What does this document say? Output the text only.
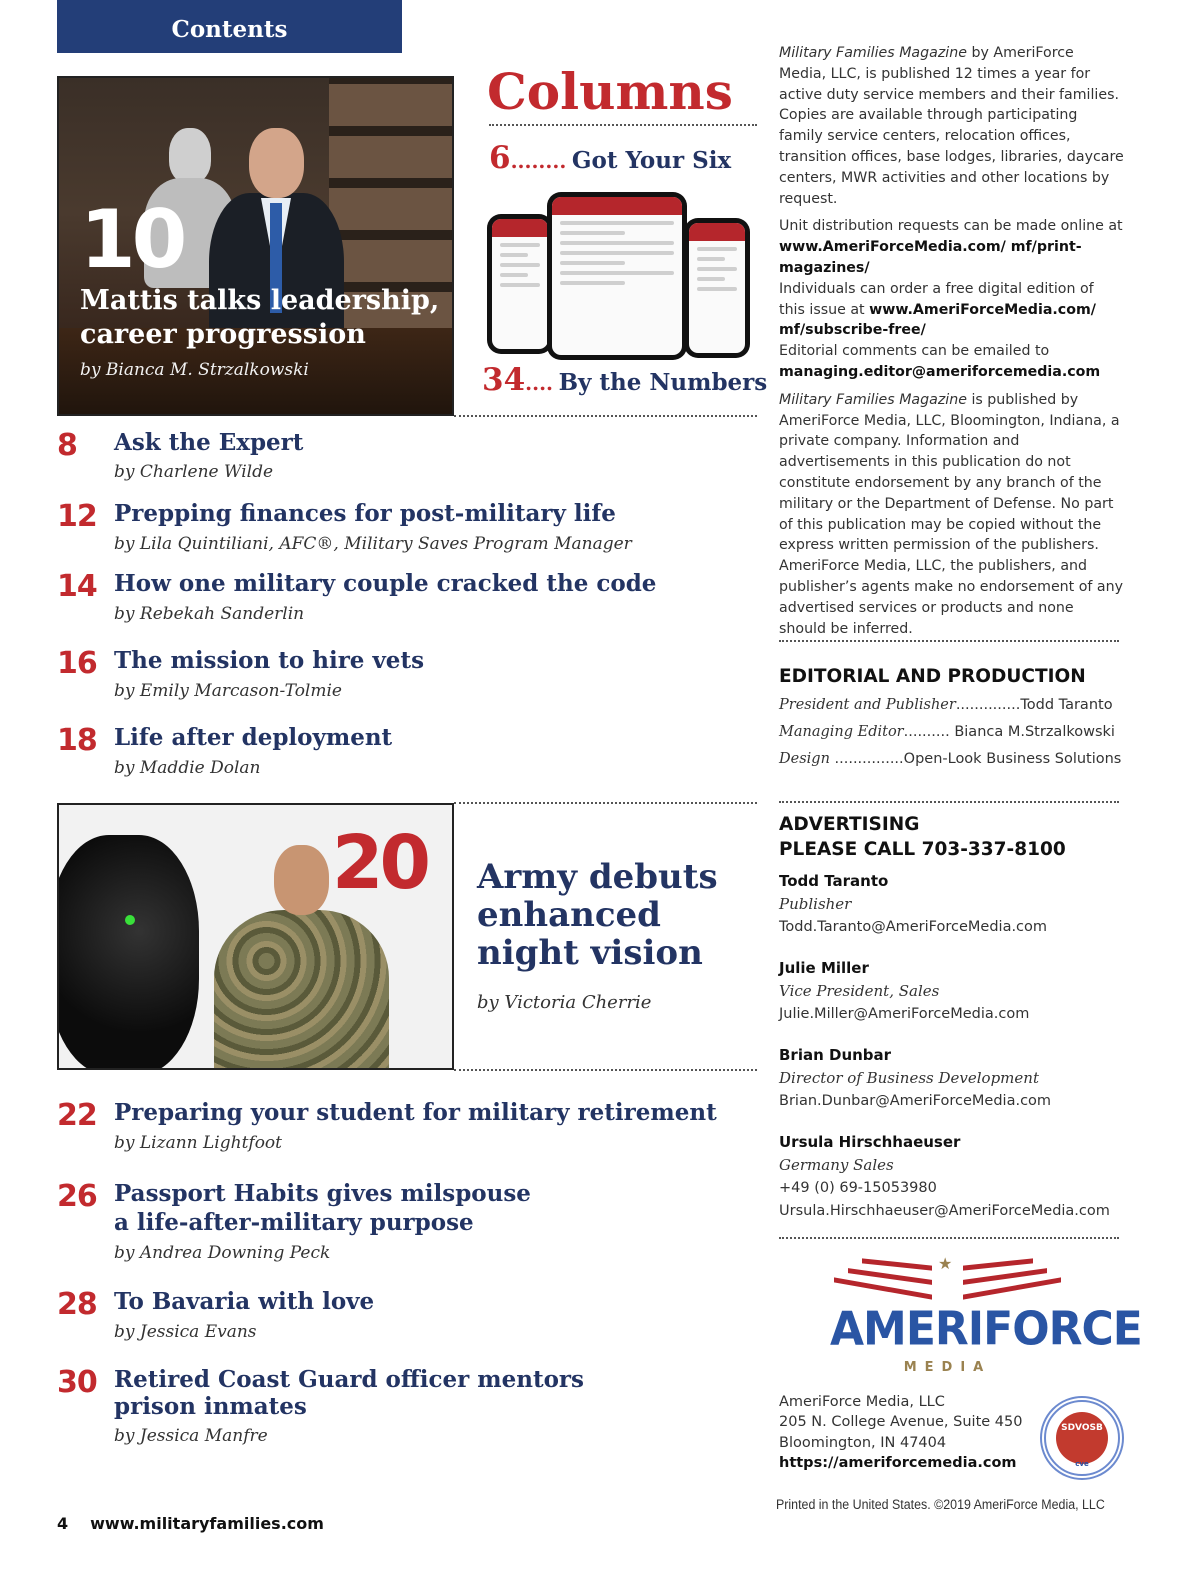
Contents
10
Mattis talks leadership, career progression
by Bianca M. Strzalkowski
Columns
6........ Got Your Six
34.... By the Numbers
8 Ask the Expert
by Charlene Wilde
12 Prepping finances for post-military life
by Lila Quintiliani, AFC®, Military Saves Program Manager
14 How one military couple cracked the code
by Rebekah Sanderlin
16 The mission to hire vets
by Emily Marcason-Tolmie
18 Life after deployment
by Maddie Dolan
20 Army debuts enhanced night vision
by Victoria Cherrie
22 Preparing your student for military retirement
by Lizann Lightfoot
26 Passport Habits gives milspouse
a life-after-military purpose
by Andrea Downing Peck
28 To Bavaria with love
by Jessica Evans
30 Retired Coast Guard officer mentors
prison inmates
by Jessica Manfre

Military Families Magazine by AmeriForce Media, LLC, is published 12 times a year for active duty service members and their families. Copies are available through participating family service centers, relocation offices, transition offices, base lodges, libraries, daycare centers, MWR activities and other locations by request.

Unit distribution requests can be made online at www.AmeriForceMedia.com/ mf/print-magazines/

Individuals can order a free digital edition of this issue at www.AmeriForceMedia.com/ mf/subscribe-free/

Editorial comments can be emailed to

managing.editor@ameriforcemedia.com

Military Families Magazine is published by AmeriForce Media, LLC, Bloomington, Indiana, a private company. Information and advertisements in this publication do not constitute endorsement by any branch of the military or the Department of Defense. No part of this publication may be copied without the express written permission of the publishers. AmeriForce Media, LLC, the publishers, and publisher’s agents make no endorsement of any advertised services or products and none should be inferred.

EDITORIAL AND PRODUCTION
President and Publisher..............Todd Taranto
Managing Editor.......... Bianca M.Strzalkowski
Design ...............Open-Look Business Solutions
ADVERTISING
PLEASE CALL 703-337-8100
Todd Taranto
Publisher
Todd.Taranto@AmeriForceMedia.com
Julie Miller
Vice President, Sales
Julie.Miller@AmeriForceMedia.com
Brian Dunbar
Director of Business Development
Brian.Dunbar@AmeriForceMedia.com
Ursula Hirschhaeuser
Germany Sales
+49 (0) 69-15053980
Ursula.Hirschhaeuser@AmeriForceMedia.com
★
AMERIFORCE
MEDIA
AmeriForce Media, LLC
205 N. College Avenue, Suite 450
Bloomington, IN 47404
https://ameriforcemedia.com
SDVOSB
cve
Printed in the United States. ©2019 AmeriForce Media, LLC
4 www.militaryfamilies.com
